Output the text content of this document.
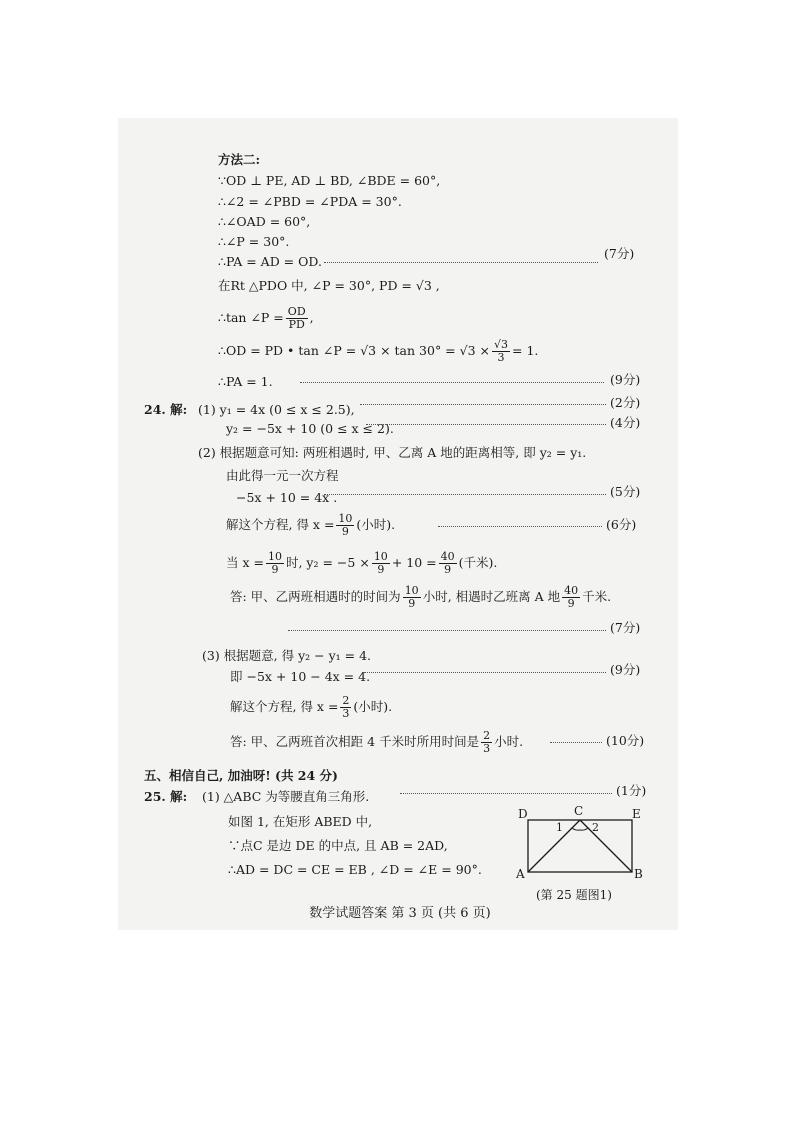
方法二:
∵OD ⊥ PE, AD ⊥ BD, ∠BDE = 60°,
∴∠2 = ∠PBD = ∠PDA = 30°.
∴∠OAD = 60°,
∴∠P = 30°.
∴PA = AD = OD.
(7分)
在Rt △PDO 中, ∠P = 30°, PD = √3 ,
∴tan ∠P = $\frac{OD}{PD}$ ,
∴OD = PD • tan ∠P = $√3 \times \tan 30^\circ = √3 \times \frac{√3}{3} = 1$.
∴PA = 1.	(9分)
24. 解: (1) y₁ = 4x (0 ≤ x ≤ 2.5),	(2分)
y₂ = −5x + 10 (0 ≤ x ≤ 2).	(4分)
(2) 根据题意可知: 两班相遇时, 甲、乙离 A 地的距离相等, 即 y₂ = y₁.
由此得一元一次方程
−5x + 10 = 4x .	(5分)
解这个方程, 得 $x = \frac{10}{9}$ (小时).	(6分)
当 $x = \frac{10}{9}$ 时, $y_2 = -5 \times \frac{10}{9} + 10 = \frac{40}{9}$ (千米).
答: 甲、乙两班相遇时的时间为 $\frac{10}{9}$ 小时, 相遇时乙班离 A 地 $\frac{40}{9}$ 千米.
(7分)
(3) 根据题意, 得 y₂ − y₁ = 4.
即 −5x + 10 − 4x = 4.	(9分)
解这个方程, 得 $x = \frac{2}{3}$ (小时).
答: 甲、乙两班首次相距 4 千米时所用时间是 $\frac{2}{3}$ 小时.	(10分)
五、相信自己, 加油呀! (共 24 分)
25. 解: (1) △ABC 为等腰直角三角形.	(1分)
如图 1, 在矩形 ABED 中,
∵点C 是边 DE 的中点, 且 AB = 2AD,
∴AD = DC = CE = EB , ∠D = ∠E = 90°.
D	C	E
A	B
1	2
(第 25 题图1)
数学试题答案 第 3 页 (共 6 页)
